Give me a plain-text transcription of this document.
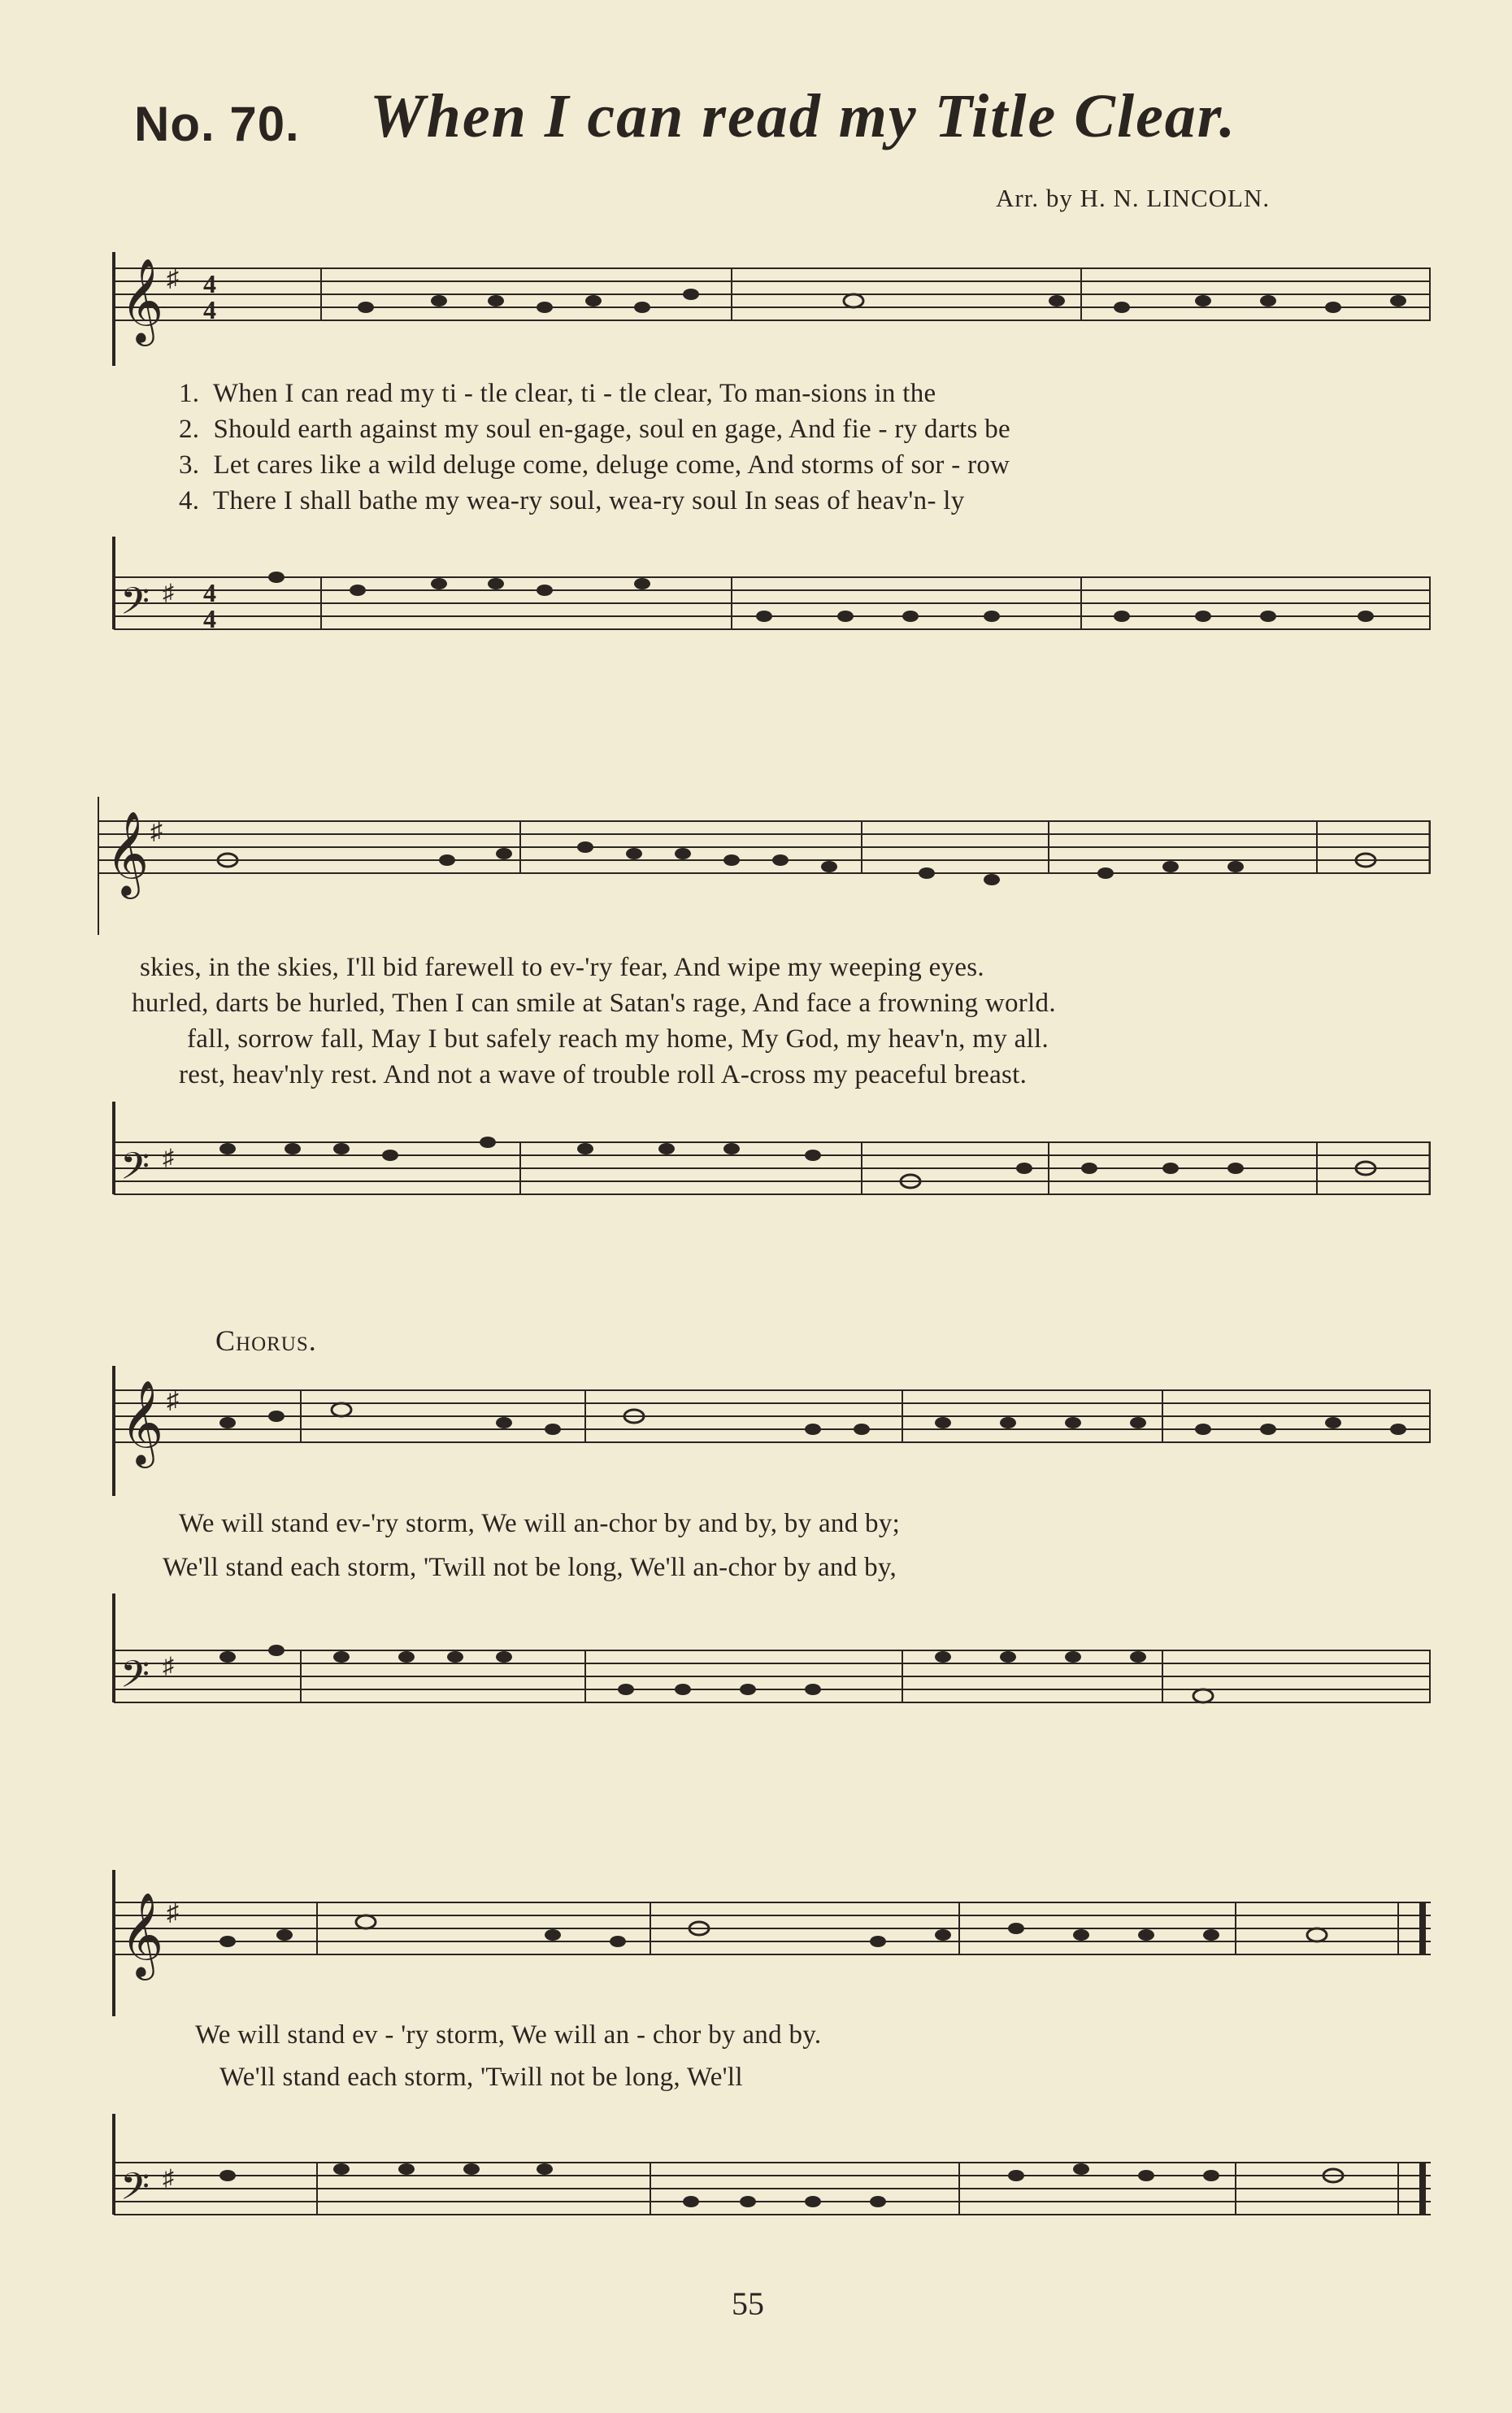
No. 70. When I can read my Title Clear.
Arr. by H. N. LINCOLN.
𝄞 ♯ 4
4
1. When I can read my ti - tle clear, ti - tle clear, To man-sions in the
2. Should earth against my soul en-gage, soul en gage, And fie - ry darts be
3. Let cares like a wild deluge come, deluge come, And storms of sor - row
4. There I shall bathe my wea-ry soul, wea-ry soul In seas of heav'n- ly
𝄢 ♯ 4
4
𝄞 ♯
skies, in the skies, I'll bid farewell to ev-'ry fear, And wipe my weeping eyes.
hurled, darts be hurled, Then I can smile at Satan's rage, And face a frowning world.
fall, sorrow fall, May I but safely reach my home, My God, my heav'n, my all.
rest, heav'nly rest. And not a wave of trouble roll A-cross my peaceful breast.
𝄢 ♯
Chorus.
𝄞 ♯
We will stand ev-'ry storm, We will an-chor by and by, by and by;
We'll stand each storm, 'Twill not be long, We'll an-chor by and by,
𝄢 ♯
𝄞 ♯
We will stand ev - 'ry storm, We will an - chor by and by.
We'll stand each storm, 'Twill not be long, We'll
𝄢 ♯
55
